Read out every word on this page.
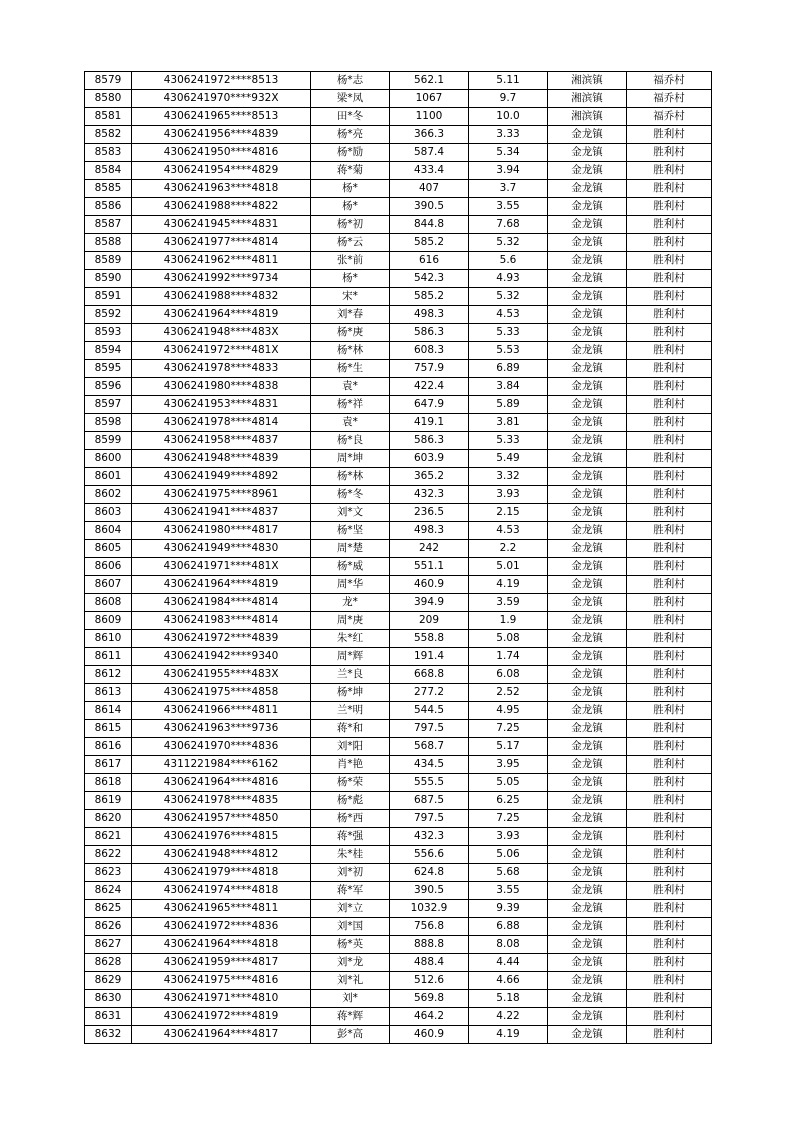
8579	4306241972****8513	杨*志	562.1	5.11	湘滨镇	福乔村
8580	4306241970****932X	梁*凤	1067	9.7	湘滨镇	福乔村
8581	4306241965****8513	田*冬	1100	10.0	湘滨镇	福乔村
8582	4306241956****4839	杨*亮	366.3	3.33	金龙镇	胜利村
8583	4306241950****4816	杨*励	587.4	5.34	金龙镇	胜利村
8584	4306241954****4829	蒋*菊	433.4	3.94	金龙镇	胜利村
8585	4306241963****4818	杨*	407	3.7	金龙镇	胜利村
8586	4306241988****4822	杨*	390.5	3.55	金龙镇	胜利村
8587	4306241945****4831	杨*初	844.8	7.68	金龙镇	胜利村
8588	4306241977****4814	杨*云	585.2	5.32	金龙镇	胜利村
8589	4306241962****4811	张*前	616	5.6	金龙镇	胜利村
8590	4306241992****9734	杨*	542.3	4.93	金龙镇	胜利村
8591	4306241988****4832	宋*	585.2	5.32	金龙镇	胜利村
8592	4306241964****4819	刘*春	498.3	4.53	金龙镇	胜利村
8593	4306241948****483X	杨*庚	586.3	5.33	金龙镇	胜利村
8594	4306241972****481X	杨*林	608.3	5.53	金龙镇	胜利村
8595	4306241978****4833	杨*生	757.9	6.89	金龙镇	胜利村
8596	4306241980****4838	袁*	422.4	3.84	金龙镇	胜利村
8597	4306241953****4831	杨*祥	647.9	5.89	金龙镇	胜利村
8598	4306241978****4814	袁*	419.1	3.81	金龙镇	胜利村
8599	4306241958****4837	杨*良	586.3	5.33	金龙镇	胜利村
8600	4306241948****4839	周*坤	603.9	5.49	金龙镇	胜利村
8601	4306241949****4892	杨*林	365.2	3.32	金龙镇	胜利村
8602	4306241975****8961	杨*冬	432.3	3.93	金龙镇	胜利村
8603	4306241941****4837	刘*文	236.5	2.15	金龙镇	胜利村
8604	4306241980****4817	杨*坚	498.3	4.53	金龙镇	胜利村
8605	4306241949****4830	周*楚	242	2.2	金龙镇	胜利村
8606	4306241971****481X	杨*威	551.1	5.01	金龙镇	胜利村
8607	4306241964****4819	周*华	460.9	4.19	金龙镇	胜利村
8608	4306241984****4814	龙*	394.9	3.59	金龙镇	胜利村
8609	4306241983****4814	周*庚	209	1.9	金龙镇	胜利村
8610	4306241972****4839	朱*红	558.8	5.08	金龙镇	胜利村
8611	4306241942****9340	周*辉	191.4	1.74	金龙镇	胜利村
8612	4306241955****483X	兰*良	668.8	6.08	金龙镇	胜利村
8613	4306241975****4858	杨*坤	277.2	2.52	金龙镇	胜利村
8614	4306241966****4811	兰*明	544.5	4.95	金龙镇	胜利村
8615	4306241963****9736	蒋*和	797.5	7.25	金龙镇	胜利村
8616	4306241970****4836	刘*阳	568.7	5.17	金龙镇	胜利村
8617	4311221984****6162	肖*艳	434.5	3.95	金龙镇	胜利村
8618	4306241964****4816	杨*荣	555.5	5.05	金龙镇	胜利村
8619	4306241978****4835	杨*彪	687.5	6.25	金龙镇	胜利村
8620	4306241957****4850	杨*西	797.5	7.25	金龙镇	胜利村
8621	4306241976****4815	蒋*强	432.3	3.93	金龙镇	胜利村
8622	4306241948****4812	朱*桂	556.6	5.06	金龙镇	胜利村
8623	4306241979****4818	刘*初	624.8	5.68	金龙镇	胜利村
8624	4306241974****4818	蒋*军	390.5	3.55	金龙镇	胜利村
8625	4306241965****4811	刘*立	1032.9	9.39	金龙镇	胜利村
8626	4306241972****4836	刘*国	756.8	6.88	金龙镇	胜利村
8627	4306241964****4818	杨*英	888.8	8.08	金龙镇	胜利村
8628	4306241959****4817	刘*龙	488.4	4.44	金龙镇	胜利村
8629	4306241975****4816	刘*礼	512.6	4.66	金龙镇	胜利村
8630	4306241971****4810	刘*	569.8	5.18	金龙镇	胜利村
8631	4306241972****4819	蒋*辉	464.2	4.22	金龙镇	胜利村
8632	4306241964****4817	彭*高	460.9	4.19	金龙镇	胜利村
